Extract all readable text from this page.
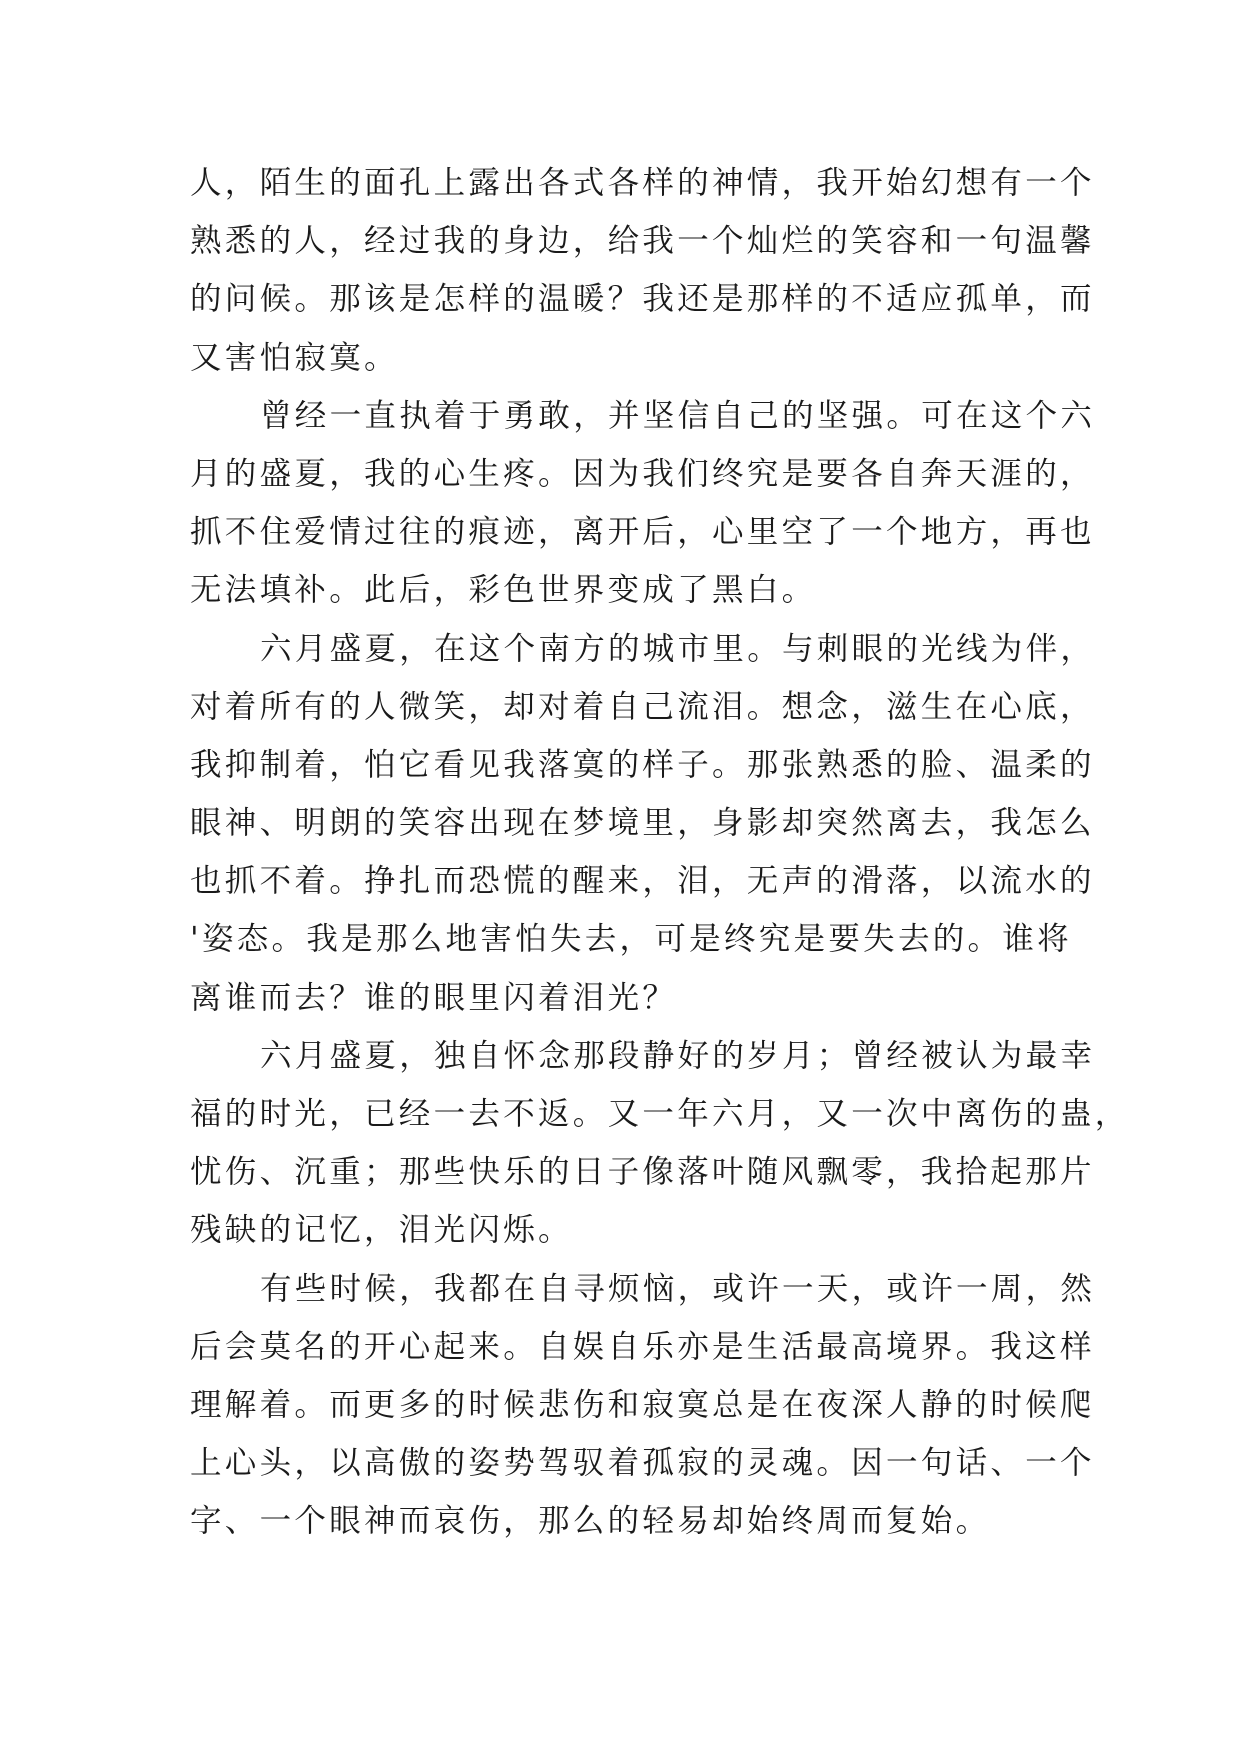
人，陌生的面孔上露出各式各样的神情，我开始幻想有一个
熟悉的人，经过我的身边，给我一个灿烂的笑容和一句温馨
的问候。那该是怎样的温暖？我还是那样的不适应孤单，而
又害怕寂寞。
曾经一直执着于勇敢，并坚信自己的坚强。可在这个六
月的盛夏，我的心生疼。因为我们终究是要各自奔天涯的，
抓不住爱情过往的痕迹，离开后，心里空了一个地方，再也
无法填补。此后，彩色世界变成了黑白。
六月盛夏，在这个南方的城市里。与刺眼的光线为伴，
对着所有的人微笑，却对着自己流泪。想念，滋生在心底，
我抑制着，怕它看见我落寞的样子。那张熟悉的脸、温柔的
眼神、明朗的笑容出现在梦境里，身影却突然离去，我怎么
也抓不着。挣扎而恐慌的醒来，泪，无声的滑落，以流水的
'姿态。我是那么地害怕失去，可是终究是要失去的。谁将
离谁而去？谁的眼里闪着泪光？
六月盛夏，独自怀念那段静好的岁月；曾经被认为最幸
福的时光，已经一去不返。又一年六月，又一次中离伤的蛊，
忧伤、沉重；那些快乐的日子像落叶随风飘零，我拾起那片
残缺的记忆，泪光闪烁。
有些时候，我都在自寻烦恼，或许一天，或许一周，然
后会莫名的开心起来。自娱自乐亦是生活最高境界。我这样
理解着。而更多的时候悲伤和寂寞总是在夜深人静的时候爬
上心头，以高傲的姿势驾驭着孤寂的灵魂。因一句话、一个
字、一个眼神而哀伤，那么的轻易却始终周而复始。
